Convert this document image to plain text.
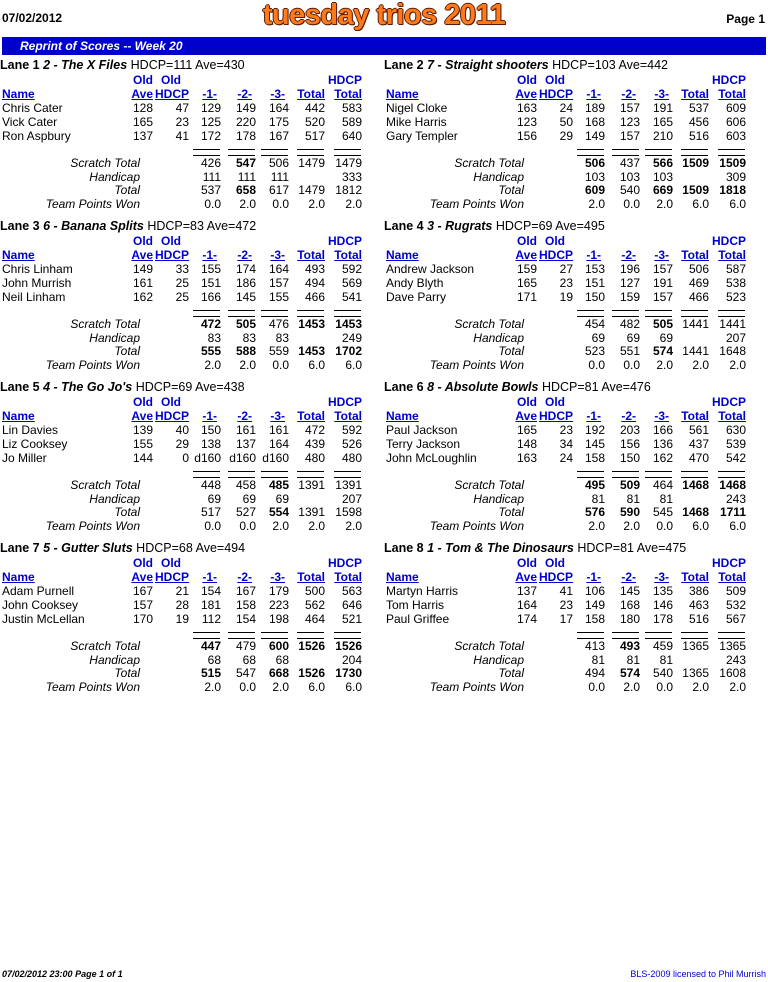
07/02/2012	tuesday trios 2011	Page 1
Reprint of Scores -- Week 20
Lane 1 2 - The X Files HDCP=111 Ave=430
Old Old	HDCP
Name	Ave HDCP -1- -2- -3- Total Total
Chris Cater	128 47 129 149 164 442 583
Vick Cater	165 23 125 220 175 520 589
Ron Aspbury	137 41 172 178 167 517 640
Scratch Total	426 547 506 1479 1479
Handicap	111 111 111	333
Total	537 658 617 1479 1812
Team Points Won	0.0 2.0 0.0 2.0 2.0
Lane 2 7 - Straight shooters HDCP=103 Ave=442
Old Old	HDCP
Name	Ave HDCP -1- -2- -3- Total Total
Nigel Cloke	163 24 189 157 191 537 609
Mike Harris	123 50 168 123 165 456 606
Gary Templer	156 29 149 157 210 516 603
Scratch Total	506 437 566 1509 1509
Handicap	103 103 103	309
Total	609 540 669 1509 1818
Team Points Won	2.0 0.0 2.0 6.0 6.0
Lane 3 6 - Banana Splits HDCP=83 Ave=472
Old Old	HDCP
Name	Ave HDCP -1- -2- -3- Total Total
Chris Linham	149 33 155 174 164 493 592
John Murrish	161 25 151 186 157 494 569
Neil Linham	162 25 166 145 155 466 541
Scratch Total	472 505 476 1453 1453
Handicap	83 83 83	249
Total	555 588 559 1453 1702
Team Points Won	2.0 2.0 0.0 6.0 6.0
Lane 4 3 - Rugrats HDCP=69 Ave=495
Old Old	HDCP
Name	Ave HDCP -1- -2- -3- Total Total
Andrew Jackson	159 27 153 196 157 506 587
Andy Blyth	165 23 151 127 191 469 538
Dave Parry	171 19 150 159 157 466 523
Scratch Total	454 482 505 1441 1441
Handicap	69 69 69	207
Total	523 551 574 1441 1648
Team Points Won	0.0 0.0 2.0 2.0 2.0
Lane 5 4 - The Go Jo's HDCP=69 Ave=438
Old Old	HDCP
Name	Ave HDCP -1- -2- -3- Total Total
Lin Davies	139 40 150 161 161 472 592
Liz Cooksey	155 29 138 137 164 439 526
Jo Miller	144 0 d160 d160 d160 480 480
Scratch Total	448 458 485 1391 1391
Handicap	69 69 69	207
Total	517 527 554 1391 1598
Team Points Won	0.0 0.0 2.0 2.0 2.0
Lane 6 8 - Absolute Bowls HDCP=81 Ave=476
Old Old	HDCP
Name	Ave HDCP -1- -2- -3- Total Total
Paul Jackson	165 23 192 203 166 561 630
Terry Jackson	148 34 145 156 136 437 539
John McLoughlin	163 24 158 150 162 470 542
Scratch Total	495 509 464 1468 1468
Handicap	81 81 81	243
Total	576 590 545 1468 1711
Team Points Won	2.0 2.0 0.0 6.0 6.0
Lane 7 5 - Gutter Sluts HDCP=68 Ave=494
Old Old	HDCP
Name	Ave HDCP -1- -2- -3- Total Total
Adam Purnell	167 21 154 167 179 500 563
John Cooksey	157 28 181 158 223 562 646
Justin McLellan	170 19 112 154 198 464 521
Scratch Total	447 479 600 1526 1526
Handicap	68 68 68	204
Total	515 547 668 1526 1730
Team Points Won	2.0 0.0 2.0 6.0 6.0
Lane 8 1 - Tom & The Dinosaurs HDCP=81 Ave=475
Old Old	HDCP
Name	Ave HDCP -1- -2- -3- Total Total
Martyn Harris	137 41 106 145 135 386 509
Tom Harris	164 23 149 168 146 463 532
Paul Griffee	174 17 158 180 178 516 567
Scratch Total	413 493 459 1365 1365
Handicap	81 81 81	243
Total	494 574 540 1365 1608
Team Points Won	0.0 2.0 0.0 2.0 2.0
07/02/2012 23:00 Page 1 of 1	BLS-2009 licensed to Phil Murrish
